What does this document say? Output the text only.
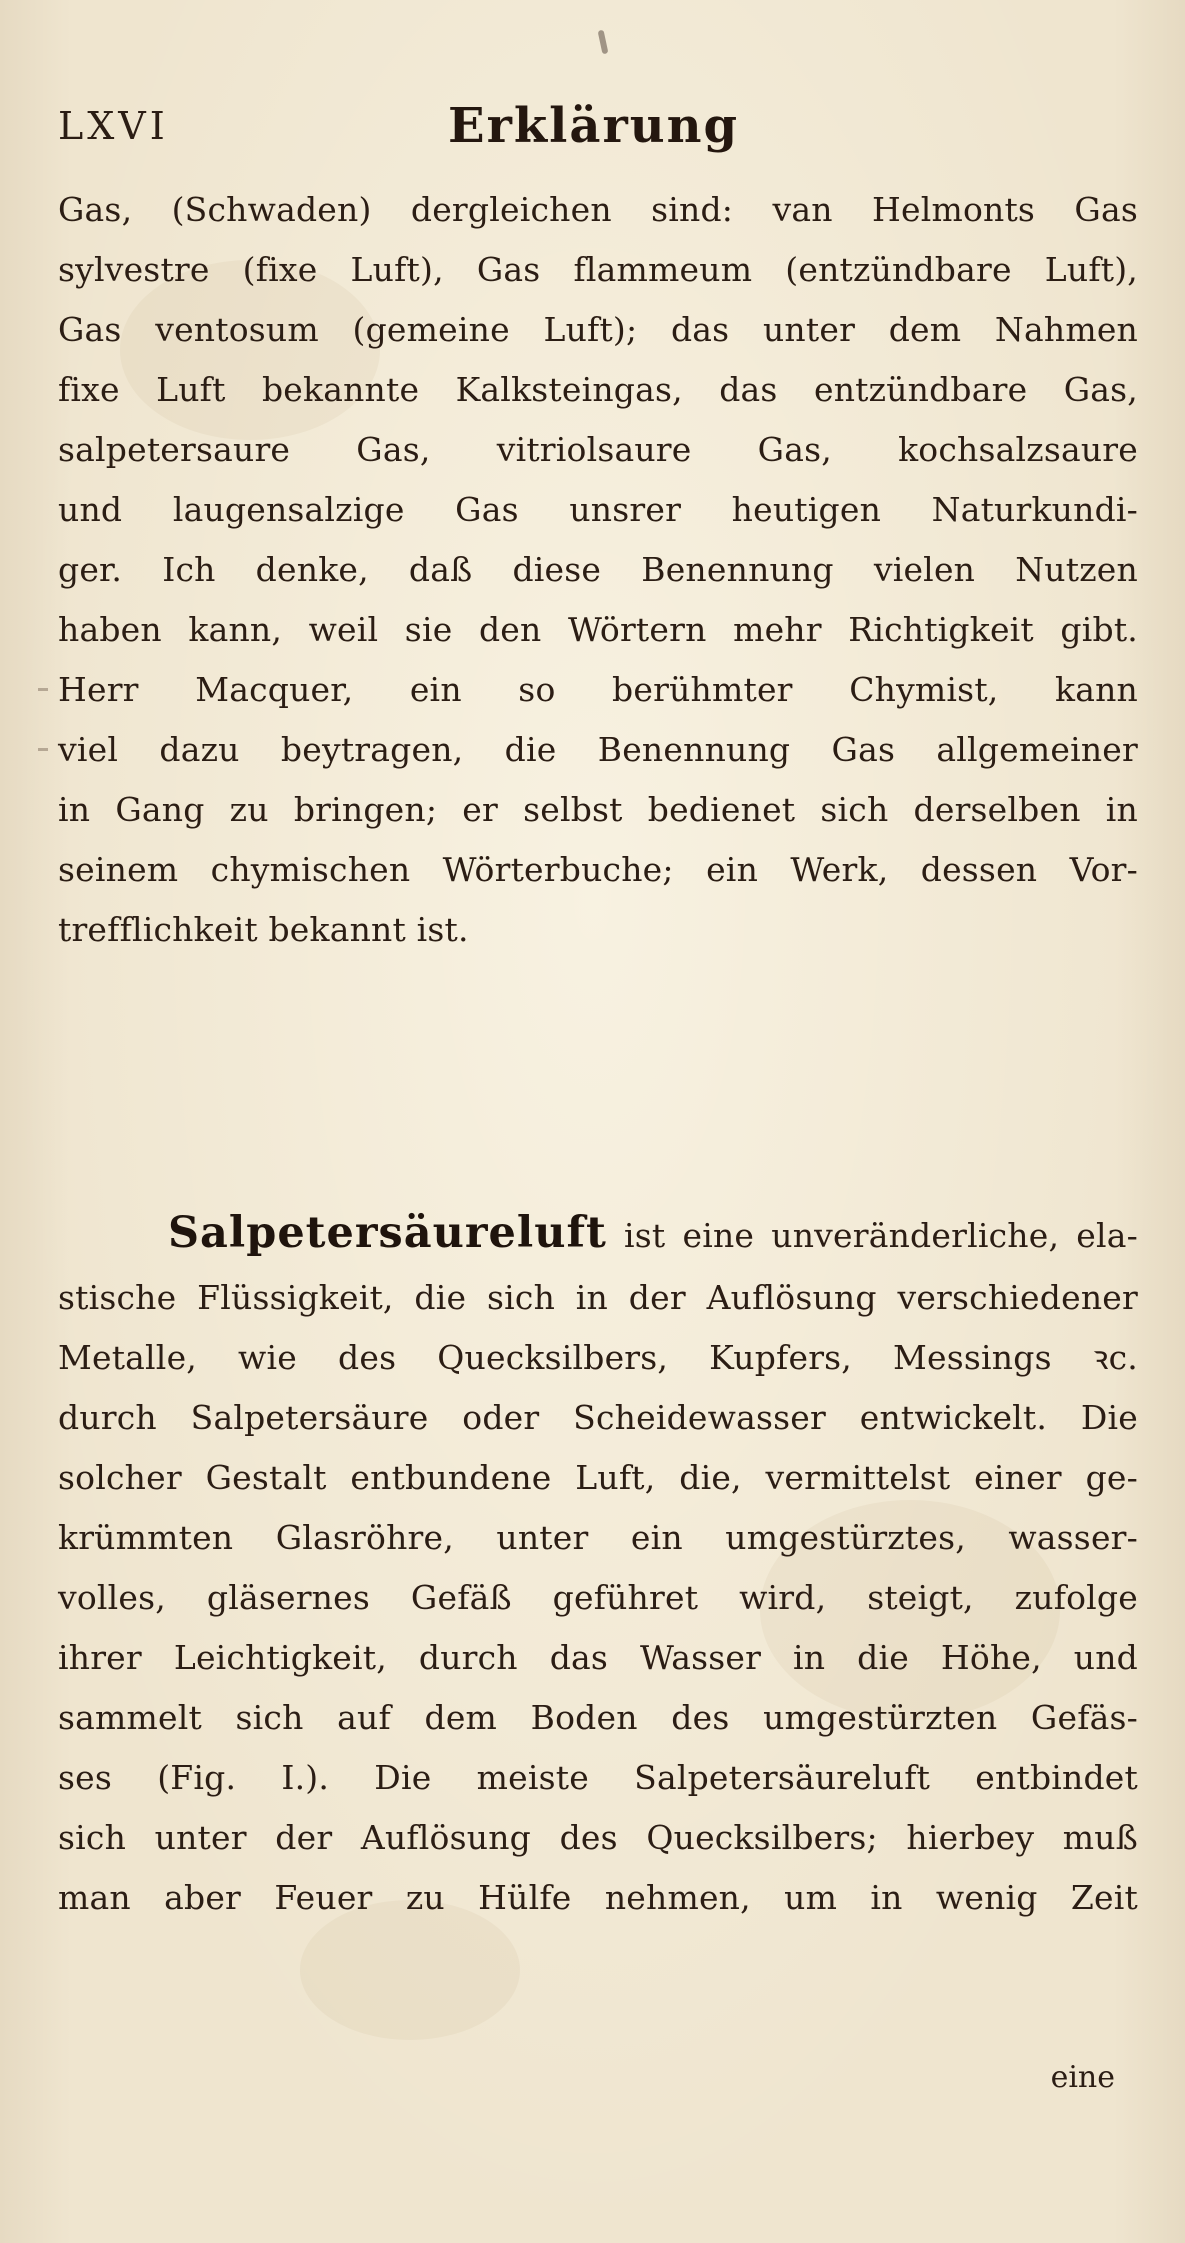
LXVI	Erklärung
Gas, (Schwaden) dergleichen sind: van Helmonts Gas
sylvestre (fixe Luft), Gas flammeum (entzündbare Luft),
Gas ventosum (gemeine Luft); das unter dem Nahmen
fixe Luft bekannte Kalksteingas, das entzündbare Gas,
salpetersaure Gas, vitriolsaure Gas, kochsalzsaure
und laugensalzige Gas unsrer heutigen Naturkundi-
ger. Ich denke, daß diese Benennung vielen Nutzen
haben kann, weil sie den Wörtern mehr Richtigkeit gibt.
Herr Macquer, ein so berühmter Chymist, kann
viel dazu beytragen, die Benennung Gas allgemeiner
in Gang zu bringen; er selbst bedienet sich derselben in
seinem chymischen Wörterbuche; ein Werk, dessen Vor-
trefflichkeit bekannt ist.
Salpetersäureluft ist eine unveränderliche, ela-
stische Flüssigkeit, die sich in der Auflösung verschiedener
Metalle, wie des Quecksilbers, Kupfers, Messings ꝛc.
durch Salpetersäure oder Scheidewasser entwickelt. Die
solcher Gestalt entbundene Luft, die, vermittelst einer ge-
krümmten Glasröhre, unter ein umgestürztes, wasser-
volles, gläsernes Gefäß geführet wird, steigt, zufolge
ihrer Leichtigkeit, durch das Wasser in die Höhe, und
sammelt sich auf dem Boden des umgestürzten Gefäs-
ses (Fig. I.). Die meiste Salpetersäureluft entbindet
sich unter der Auflösung des Quecksilbers; hierbey muß
man aber Feuer zu Hülfe nehmen, um in wenig Zeit
eine
